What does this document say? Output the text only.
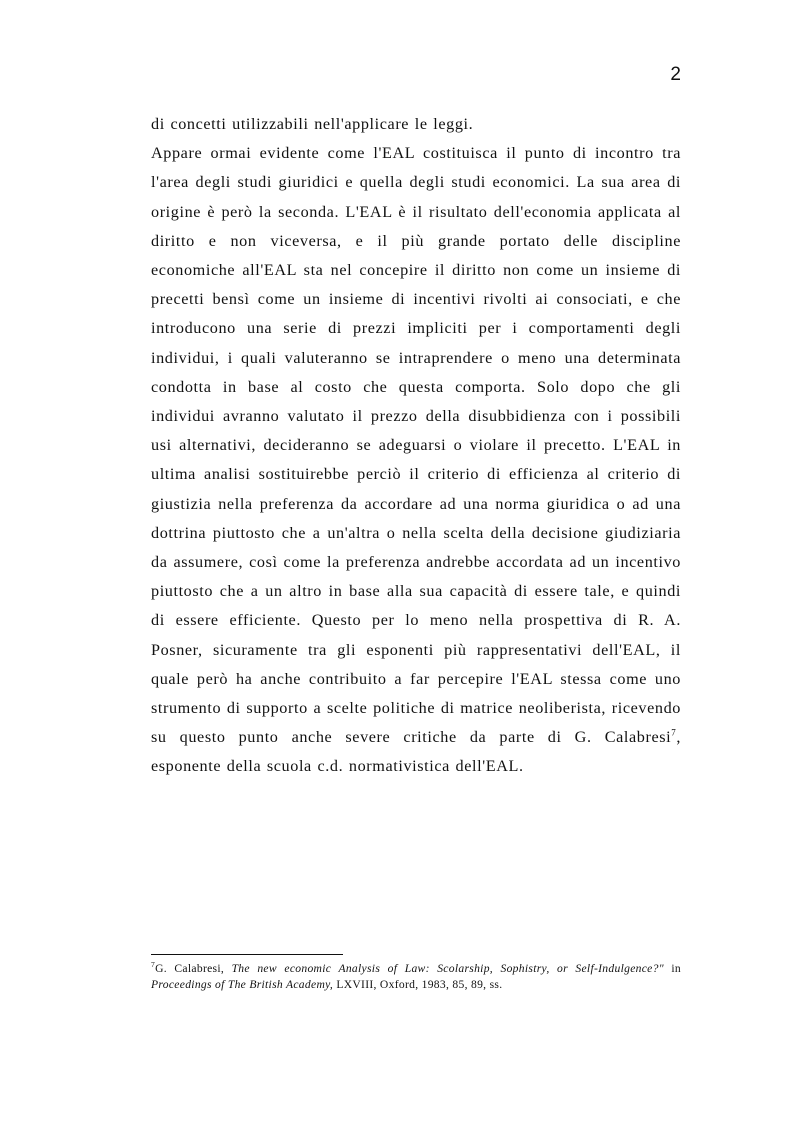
2

di concetti utilizzabili nell'applicare le leggi.

Appare ormai evidente come l'EAL costituisca il punto di incontro tra l'area degli studi giuridici e quella degli studi economici. La sua area di origine è però la seconda. L'EAL è il risultato dell'economia applicata al diritto e non viceversa, e il più grande portato delle discipline economiche all'EAL sta nel concepire il diritto non come un insieme di precetti bensì come un insieme di incentivi rivolti ai consociati, e che introducono una serie di prezzi impliciti per i comportamenti degli individui, i quali valuteranno se intraprendere o meno una determinata condotta in base al costo che questa comporta. Solo dopo che gli individui avranno valutato il prezzo della disubbidienza con i possibili usi alternativi, decideranno se adeguarsi o violare il precetto. L'EAL in ultima analisi sostituirebbe perciò il criterio di efficienza al criterio di giustizia nella preferenza da accordare ad una norma giuridica o ad una dottrina piuttosto che a un'altra o nella scelta della decisione giudiziaria da assumere, così come la preferenza andrebbe accordata ad un incentivo piuttosto che a un altro in base alla sua capacità di essere tale, e quindi di essere efficiente. Questo per lo meno nella prospettiva di R. A. Posner, sicuramente tra gli esponenti più rappresentativi dell'EAL, il quale però ha anche contribuito a far percepire l'EAL stessa come uno strumento di supporto a scelte politiche di matrice neoliberista, ricevendo su questo punto anche severe critiche da parte di G. Calabresi$^7$, esponente della scuola c.d. normativistica dell'EAL.

$^7$G. Calabresi, The new economic Analysis of Law: Scolarship, Sophistry, or Self-Indulgence?" in Proceedings of The British Academy, LXVIII, Oxford, 1983, 85, 89, ss.
